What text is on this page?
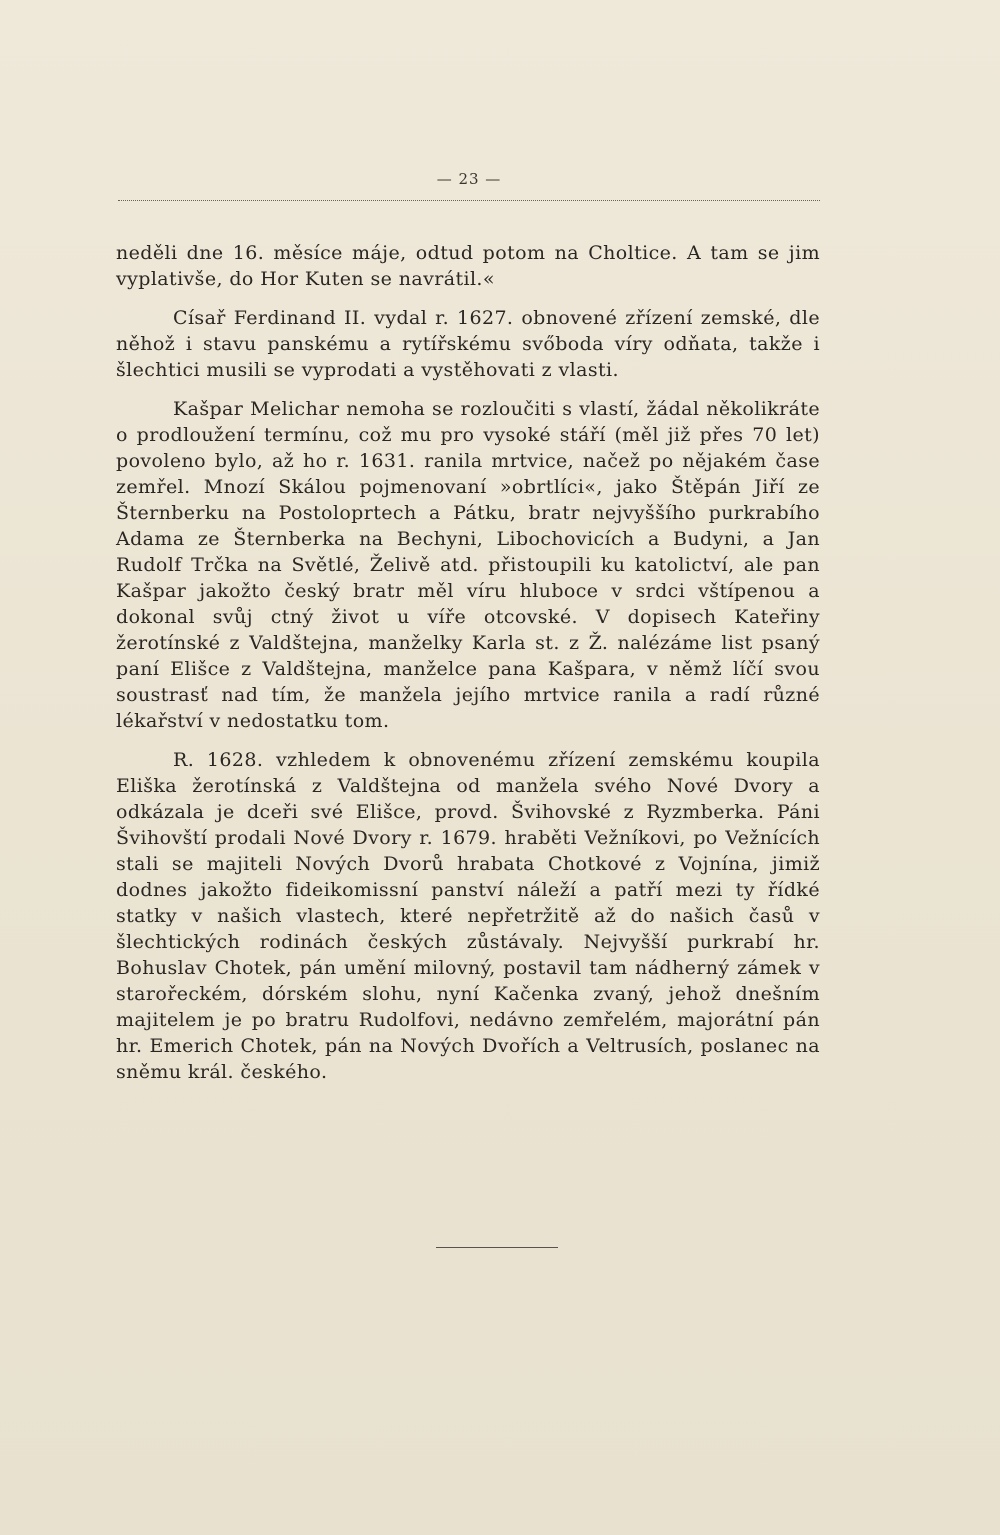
— 23 —

neděli dne 16. měsíce máje, odtud potom na Choltice. A tam se jim vyplativše, do Hor Kuten se navrátil.«

Císař Ferdinand II. vydal r. 1627. obnovené zřízení zemské, dle něhož i stavu panskému a rytířskému svőboda víry odňata, takže i šlechtici musili se vyprodati a vystěhovati z vlasti.

Kašpar Melichar nemoha se rozloučiti s vlastí, žádal několikráte o prodloužení termínu, což mu pro vysoké stáří (měl již přes 70 let) povoleno bylo, až ho r. 1631. ranila mrtvice, načež po nějakém čase zemřel. Mnozí Skálou pojmenovaní »obrtlíci«, jako Štěpán Jiří ze Šternberku na Postoloprtech a Pátku, bratr nejvyššího purkrabího Adama ze Šternberka na Bechyni, Libochovicích a Budyni, a Jan Rudolf Trčka na Světlé, Želivě atd. přistoupili ku katolictví, ale pan Kašpar jakožto český bratr měl víru hluboce v srdci vštípenou a dokonal svůj ctný život u víře otcovské. V dopisech Kateřiny žerotínské z Valdštejna, manželky Karla st. z Ž. nalézáme list psaný paní Elišce z Valdštejna, manželce pana Kašpara, v němž líčí svou soustrasť nad tím, že manžela jejího mrtvice ranila a radí různé lékařství v nedostatku tom.

R. 1628. vzhledem k obnovenému zřízení zemskému koupila Eliška žerotínská z Valdštejna od manžela svého Nové Dvory a odkázala je dceři své Elišce, provd. Švihovské z Ryzmberka. Páni Švihovští prodali Nové Dvory r. 1679. hraběti Vežníkovi, po Vežnících stali se majiteli Nových Dvorů hrabata Chotkové z Vojnína, jimiž dodnes jakožto fideikomissní panství náleží a patří mezi ty řídké statky v našich vlastech, které nepřetržitě až do našich časů v šlechtických rodinách českých zůstávaly. Nejvyšší purkrabí hr. Bohuslav Chotek, pán umění milovný, postavil tam nádherný zámek v starořeckém, dórském slohu, nyní Kačenka zvaný, jehož dnešním majitelem je po bratru Rudolfovi, nedávno zemřelém, majorátní pán hr. Emerich Chotek, pán na Nových Dvořích a Veltrusích, poslanec na sněmu král. českého.
